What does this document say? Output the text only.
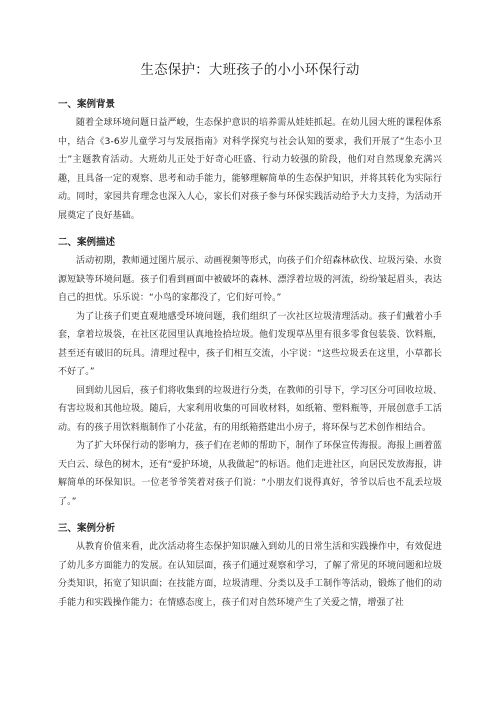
生态保护：大班孩子的小小环保行动
一、案例背景

随着全球环境问题日益严峻，生态保护意识的培养需从娃娃抓起。在幼儿园大班的课程体系中，结合《3-6岁儿童学习与发展指南》对科学探究与社会认知的要求，我们开展了“生态小卫士”主题教育活动。大班幼儿正处于好奇心旺盛、行动力较强的阶段，他们对自然现象充满兴趣，且具备一定的观察、思考和动手能力，能够理解简单的生态保护知识，并将其转化为实际行动。同时，家园共育理念也深入人心，家长们对孩子参与环保实践活动给予大力支持，为活动开展奠定了良好基础。

二、案例描述

活动初期，教师通过图片展示、动画视频等形式，向孩子们介绍森林砍伐、垃圾污染、水资源短缺等环境问题。孩子们看到画面中被破坏的森林、漂浮着垃圾的河流，纷纷皱起眉头，表达自己的担忧。乐乐说：“小鸟的家都没了，它们好可怜。”

为了让孩子们更直观地感受环境问题，我们组织了一次社区垃圾清理活动。孩子们戴着小手套，拿着垃圾袋，在社区花园里认真地捡拾垃圾。他们发现草丛里有很多零食包装袋、饮料瓶，甚至还有破旧的玩具。清理过程中，孩子们相互交流，小宇说：“这些垃圾丢在这里，小草都长不好了。”

回到幼儿园后，孩子们将收集到的垃圾进行分类，在教师的引导下，学习区分可回收垃圾、有害垃圾和其他垃圾。随后，大家利用收集的可回收材料，如纸箱、塑料瓶等，开展创意手工活动。有的孩子用饮料瓶制作了小花盆，有的用纸箱搭建出小房子，将环保与艺术创作相结合。

为了扩大环保行动的影响力，孩子们在老师的帮助下，制作了环保宣传海报。海报上画着蓝天白云、绿色的树木，还有“爱护环境，从我做起”的标语。他们走进社区，向居民发放海报，讲解简单的环保知识。一位老爷爷笑着对孩子们说：“小朋友们说得真好，爷爷以后也不乱丢垃圾了。”

三、案例分析

从教育价值来看，此次活动将生态保护知识融入到幼儿的日常生活和实践操作中，有效促进了幼儿多方面能力的发展。在认知层面，孩子们通过观察和学习，了解了常见的环境问题和垃圾分类知识，拓宽了知识面；在技能方面，垃圾清理、分类以及手工制作等活动，锻炼了他们的动手能力和实践操作能力；在情感态度上，孩子们对自然环境产生了关爱之情，增强了社
